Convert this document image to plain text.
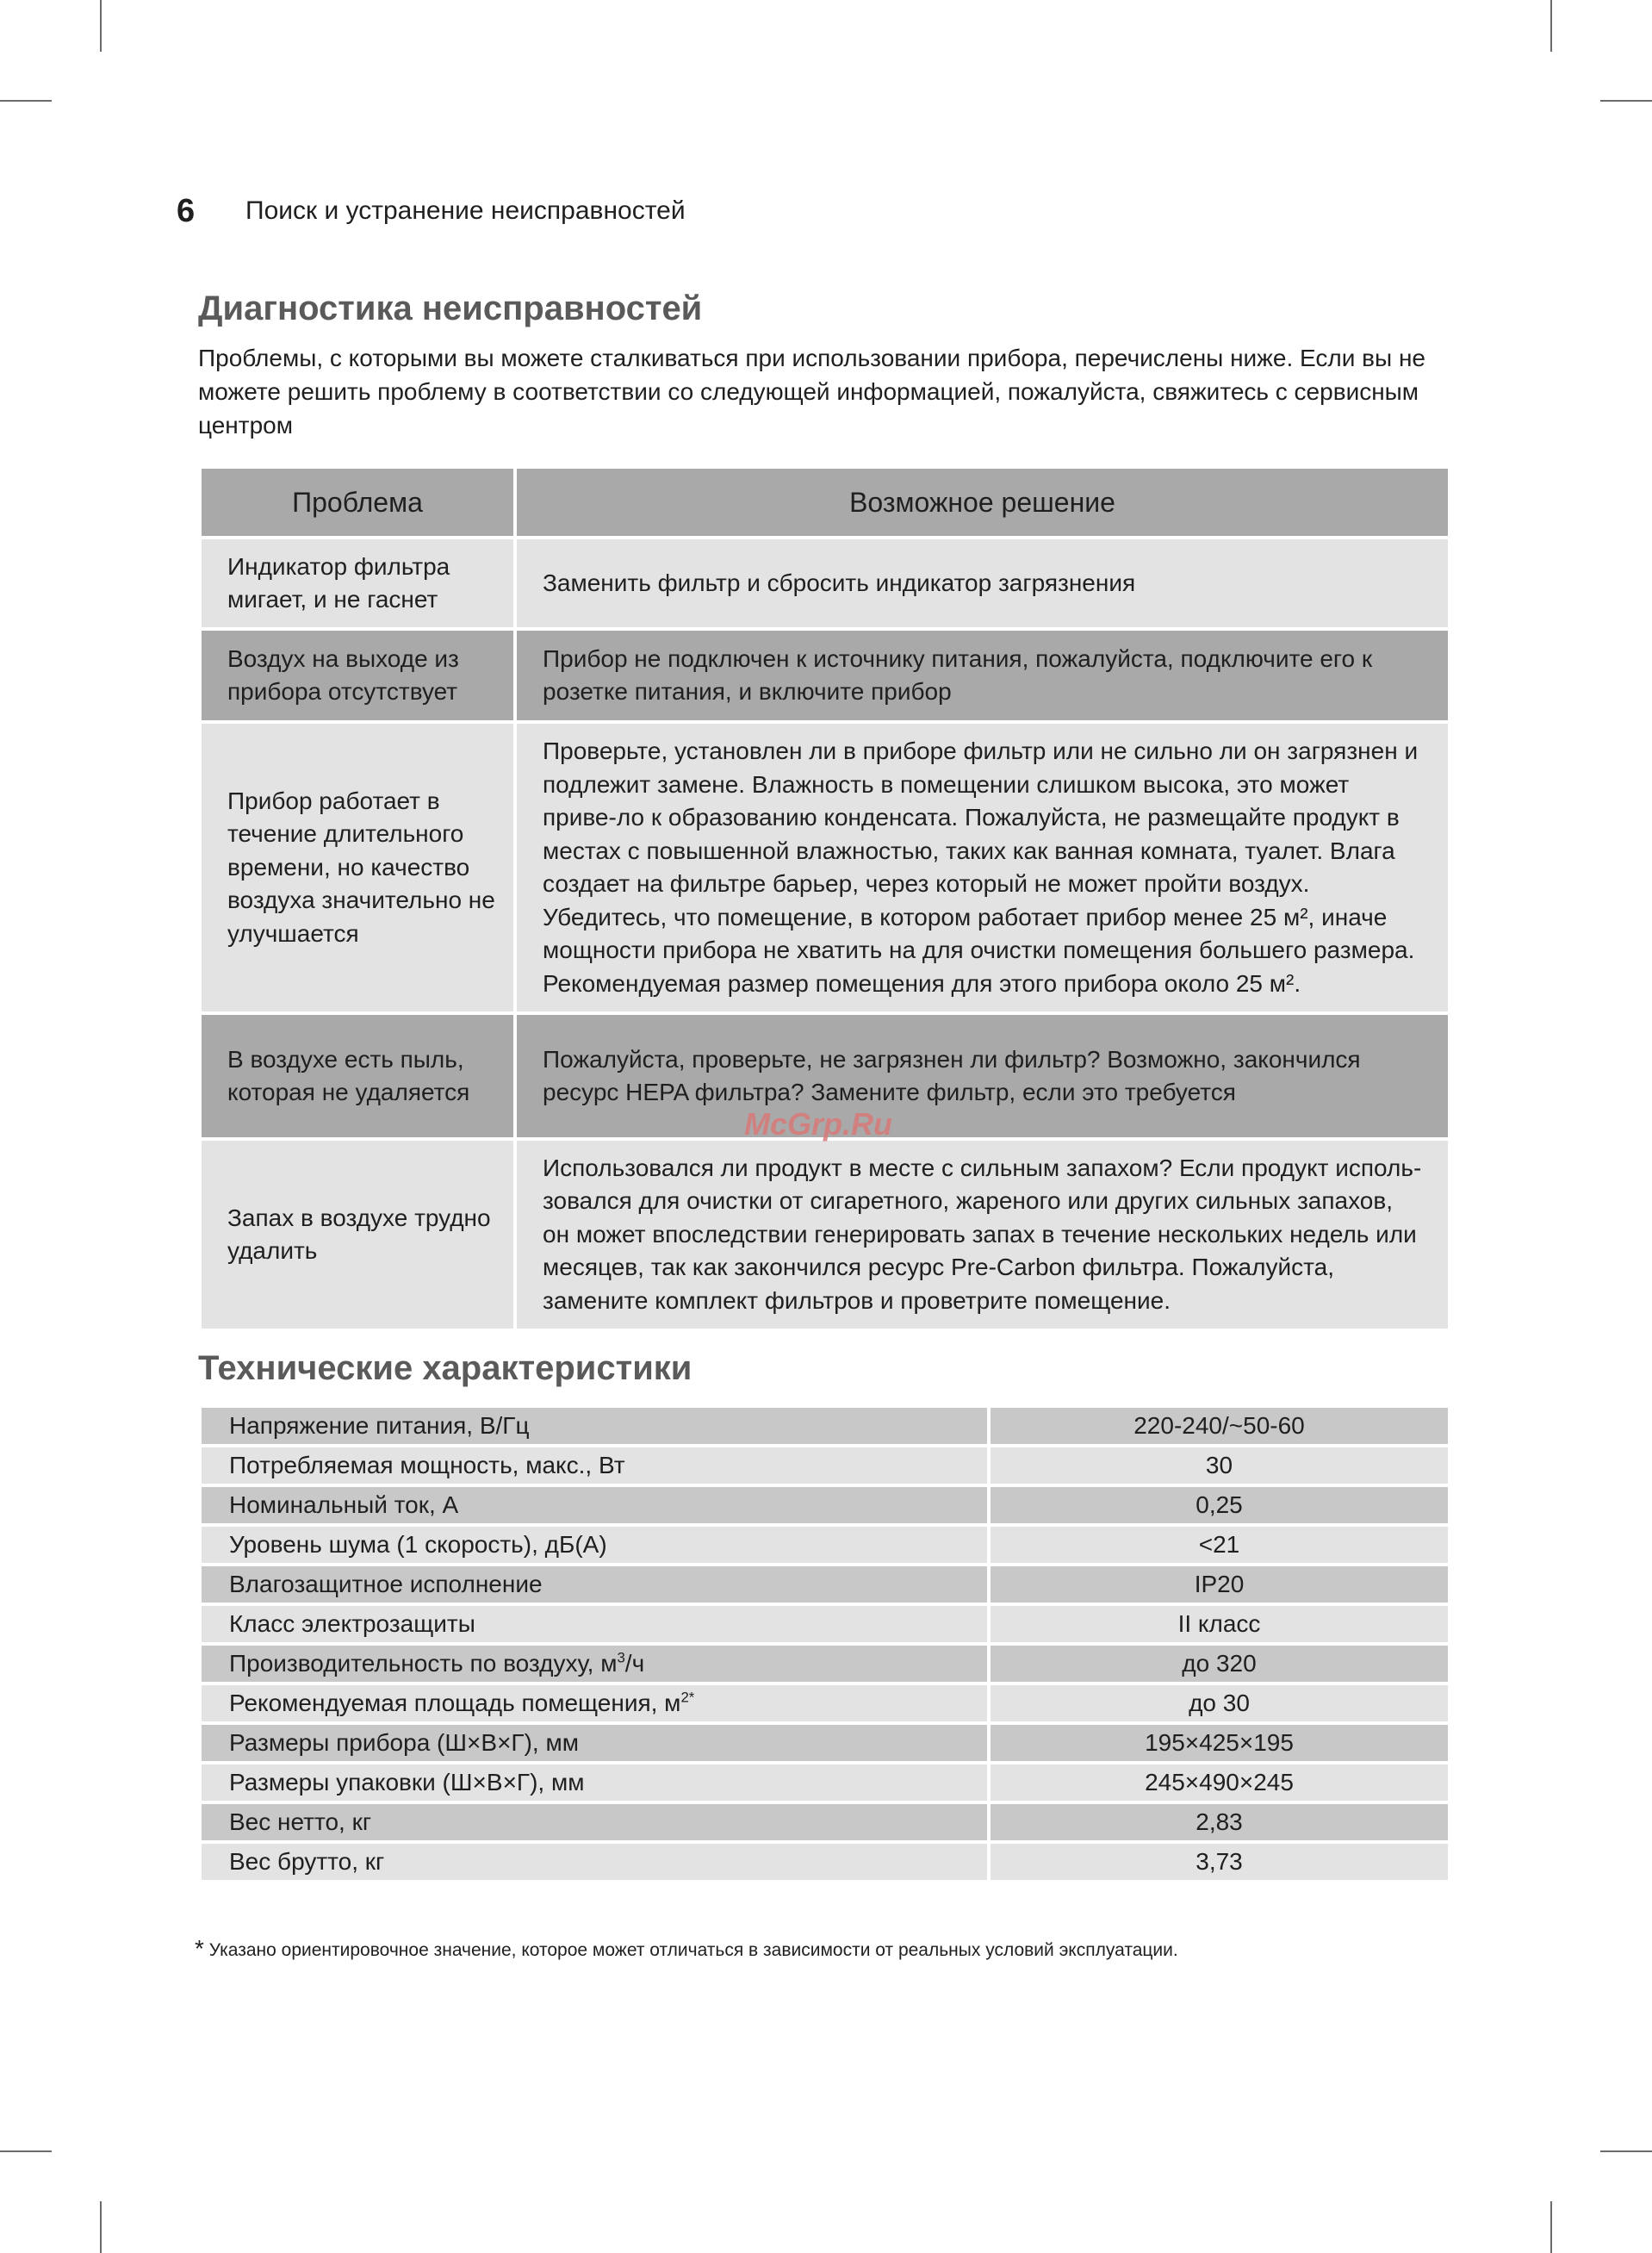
6	Поиск и устранение неисправностей
Диагностика неисправностей
Проблемы, с которыми вы можете сталкиваться при использовании прибора, перечислены ниже. Если вы не можете решить проблему в соответствии со следующей информацией, пожалуйста, свяжитесь с сервисным центром
Проблема	Возможное решение
Индикатор фильтра мигает, и не гаснет	Заменить фильтр и сбросить индикатор загрязнения
Воздух на выходе из прибора отсутствует	Прибор не подключен к источнику питания, пожалуйста, подключите его к розетке питания, и включите прибор
Прибор работает в течение длительного времени, но качество воздуха значительно не улучшается	Проверьте, установлен ли в приборе фильтр или не сильно ли он загрязнен и подлежит замене. Влажность в помещении слишком высока, это может приве-ло к образованию конденсата. Пожалуйста, не размещайте продукт в местах с повышенной влажностью, таких как ванная комната, туалет. Влага создает на фильтре барьер, через который не может пройти воздух. Убедитесь, что помещение, в котором работает прибор менее 25 м², иначе мощности прибора не хватить на для очистки помещения большего размера. Рекомендуемая размер помещения для этого прибора около 25 м².
В воздухе есть пыль, которая не удаляется	Пожалуйста, проверьте, не загрязнен ли фильтр? Возможно, закончился ресурс HEPA фильтра? Замените фильтр, если это требуется
Запах в воздухе трудно удалить	Использовался ли продукт в месте с сильным запахом? Если продукт исполь-зовался для очистки от сигаретного, жареного или других сильных запахов, он может впоследствии генерировать запах в течение нескольких недель или месяцев, так как закончился ресурс Pre-Carbon фильтра. Пожалуйста, замените комплект фильтров и проветрите помещение.
McGrp.Ru
Технические характеристики
Напряжение питания, В/Гц	220-240/~50-60
Потребляемая мощность, макс., Вт	30
Номинальный ток, А	0,25
Уровень шума (1 скорость), дБ(А)	<21
Влагозащитное исполнение	IP20
Класс электрозащиты	II класс
Производительность по воздуху, $м^3/ч$	до 320
Рекомендуемая площадь помещения, $м^{2*}$	до 30
Размеры прибора (Ш×В×Г), мм	195×425×195
Размеры упаковки (Ш×В×Г), мм	245×490×245
Вес нетто, кг	2,83
Вес брутто, кг	3,73
* Указано ориентировочное значение, которое может отличаться в зависимости от реальных условий эксплуатации.
